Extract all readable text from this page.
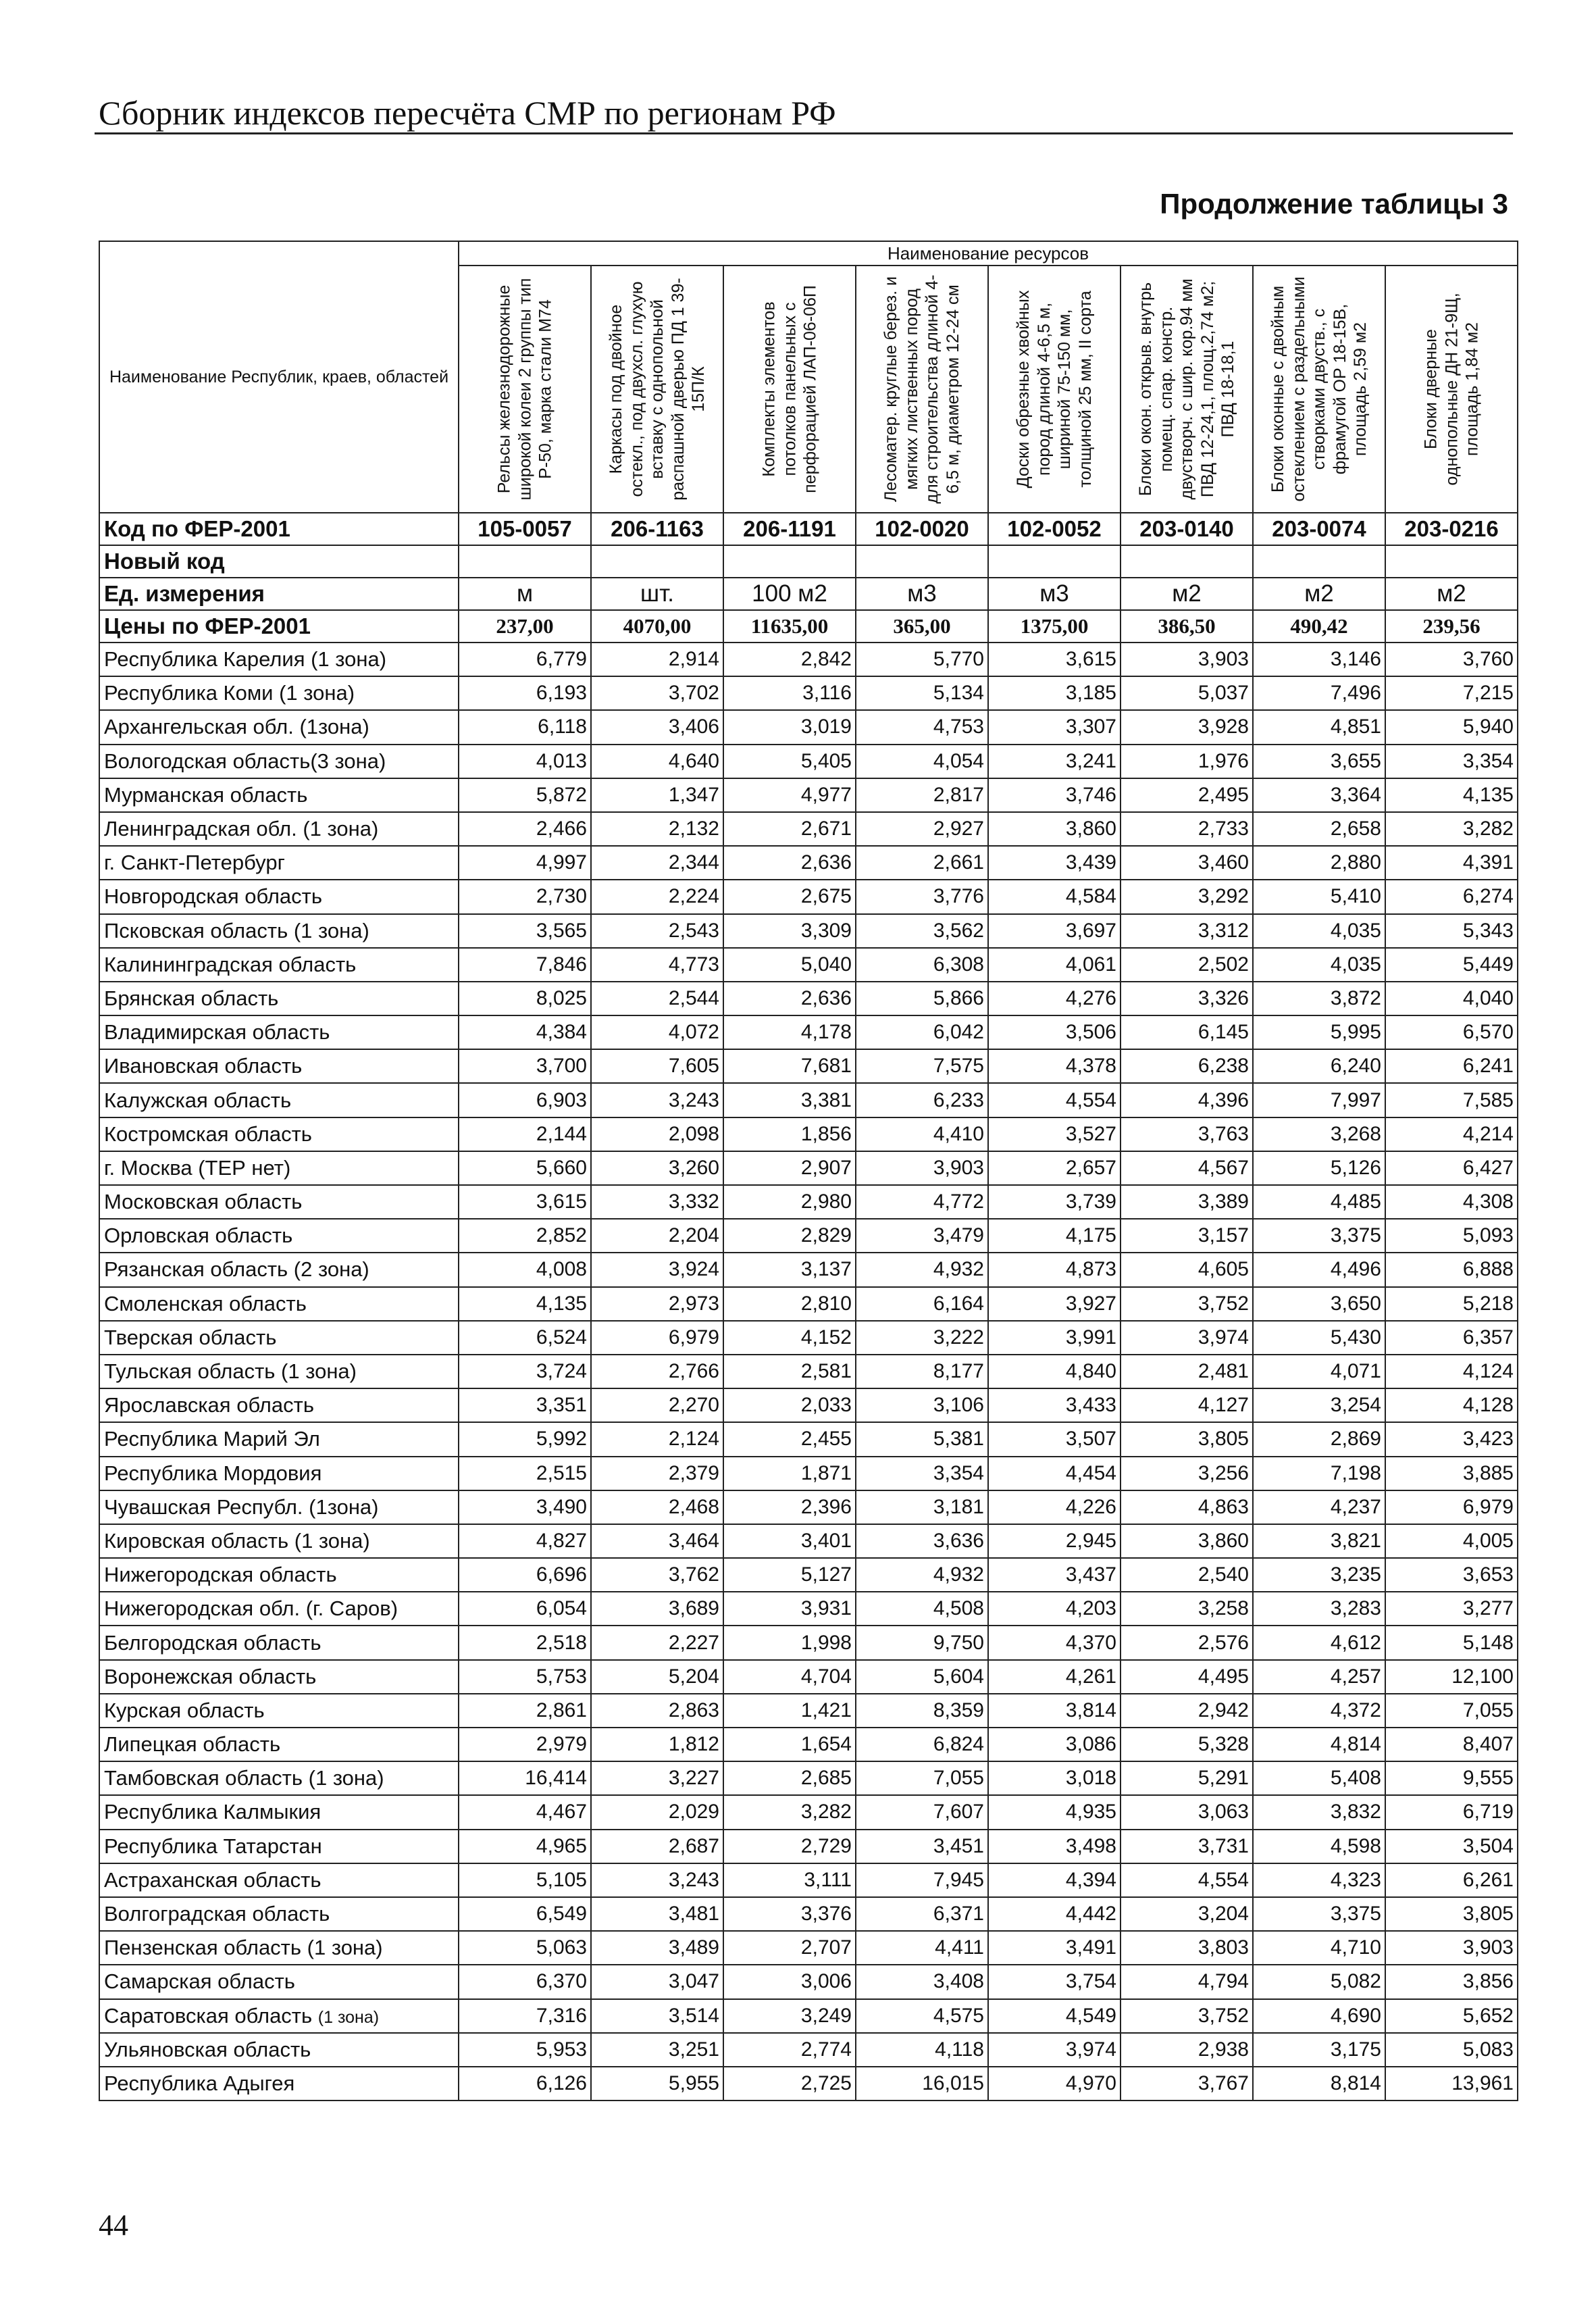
Сборник индексов пересчёта СМР по регионам РФ
Продолжение таблицы 3
Наименование Республик, краев, областей	Наименование ресурсов							

	Рельсы железнодорожные широкой колеи 2 группы тип Р-50, марка стали М74	Каркасы под двойное остекл., под двухсл. глухую вставку с однопольной распашной дверью ПД 1 39-15П/К	Комплекты элементов потолков панельных с перфорацией ЛАП-06-06П	Лесоматер. круглые берез. и мягких лиственных пород для строительства длиной 4-6,5 м, диаметром 12-24 см	Доски обрезные хвойных пород длиной 4-6,5 м, шириной 75-150 мм, толщиной 25 мм, II сорта	Блоки окон. открыв. внутрь помещ. спар. констр. двустворч. с шир. кор.94 мм ПВД 12-24,1, площ.2,74 м2; ПВД 18-18,1	Блоки оконные с двойным остеклением с раздельными створками двуств., с фрамугой ОР 18-15В, площадь 2,59 м2	Блоки дверные однопольные ДН 21-9Щ, площадь 1,84 м2

Код по ФЕР-2001	105-0057	206-1163	206-1191	102-0020	102-0052	203-0140	203-0074	203-0216
Новый код								
Ед. измерения	м	шт.	100 м2	м3	м3	м2	м2	м2
Цены по ФЕР-2001	237,00	4070,00	11635,00	365,00	1375,00	386,50	490,42	239,56
Республика Карелия (1 зона)	6,779	2,914	2,842	5,770	3,615	3,903	3,146	3,760
Республика Коми (1 зона)	6,193	3,702	3,116	5,134	3,185	5,037	7,496	7,215
Архангельская обл. (1зона)	6,118	3,406	3,019	4,753	3,307	3,928	4,851	5,940
Вологодская область(3 зона)	4,013	4,640	5,405	4,054	3,241	1,976	3,655	3,354
Мурманская область	5,872	1,347	4,977	2,817	3,746	2,495	3,364	4,135
Ленинградская обл. (1 зона)	2,466	2,132	2,671	2,927	3,860	2,733	2,658	3,282
г. Санкт-Петербург	4,997	2,344	2,636	2,661	3,439	3,460	2,880	4,391
Новгородская область	2,730	2,224	2,675	3,776	4,584	3,292	5,410	6,274
Псковская область (1 зона)	3,565	2,543	3,309	3,562	3,697	3,312	4,035	5,343
Калининградская область	7,846	4,773	5,040	6,308	4,061	2,502	4,035	5,449
Брянская область	8,025	2,544	2,636	5,866	4,276	3,326	3,872	4,040
Владимирская область	4,384	4,072	4,178	6,042	3,506	6,145	5,995	6,570
Ивановская область	3,700	7,605	7,681	7,575	4,378	6,238	6,240	6,241
Калужская область	6,903	3,243	3,381	6,233	4,554	4,396	7,997	7,585
Костромская область	2,144	2,098	1,856	4,410	3,527	3,763	3,268	4,214
г. Москва (ТЕР нет)	5,660	3,260	2,907	3,903	2,657	4,567	5,126	6,427
Московская область	3,615	3,332	2,980	4,772	3,739	3,389	4,485	4,308
Орловская область	2,852	2,204	2,829	3,479	4,175	3,157	3,375	5,093
Рязанская область (2 зона)	4,008	3,924	3,137	4,932	4,873	4,605	4,496	6,888
Смоленская область	4,135	2,973	2,810	6,164	3,927	3,752	3,650	5,218
Тверская область	6,524	6,979	4,152	3,222	3,991	3,974	5,430	6,357
Тульская область (1 зона)	3,724	2,766	2,581	8,177	4,840	2,481	4,071	4,124
Ярославская область	3,351	2,270	2,033	3,106	3,433	4,127	3,254	4,128
Республика Марий Эл	5,992	2,124	2,455	5,381	3,507	3,805	2,869	3,423
Республика Мордовия	2,515	2,379	1,871	3,354	4,454	3,256	7,198	3,885
Чувашская Республ. (1зона)	3,490	2,468	2,396	3,181	4,226	4,863	4,237	6,979
Кировская область (1 зона)	4,827	3,464	3,401	3,636	2,945	3,860	3,821	4,005
Нижегородская область	6,696	3,762	5,127	4,932	3,437	2,540	3,235	3,653
Нижегородская обл. (г. Саров)	6,054	3,689	3,931	4,508	4,203	3,258	3,283	3,277
Белгородская область	2,518	2,227	1,998	9,750	4,370	2,576	4,612	5,148
Воронежская область	5,753	5,204	4,704	5,604	4,261	4,495	4,257	12,100
Курская область	2,861	2,863	1,421	8,359	3,814	2,942	4,372	7,055
Липецкая область	2,979	1,812	1,654	6,824	3,086	5,328	4,814	8,407
Тамбовская область (1 зона)	16,414	3,227	2,685	7,055	3,018	5,291	5,408	9,555
Республика Калмыкия	4,467	2,029	3,282	7,607	4,935	3,063	3,832	6,719
Республика Татарстан	4,965	2,687	2,729	3,451	3,498	3,731	4,598	3,504
Астраханская область	5,105	3,243	3,111	7,945	4,394	4,554	4,323	6,261
Волгоградская область	6,549	3,481	3,376	6,371	4,442	3,204	3,375	3,805
Пензенская область (1 зона)	5,063	3,489	2,707	4,411	3,491	3,803	4,710	3,903
Самарская область	6,370	3,047	3,006	3,408	3,754	4,794	5,082	3,856
Саратовская область (1 зона)	7,316	3,514	3,249	4,575	4,549	3,752	4,690	5,652
Ульяновская область	5,953	3,251	2,774	4,118	3,974	2,938	3,175	5,083
Республика Адыгея	6,126	5,955	2,725	16,015	4,970	3,767	8,814	13,961
44
